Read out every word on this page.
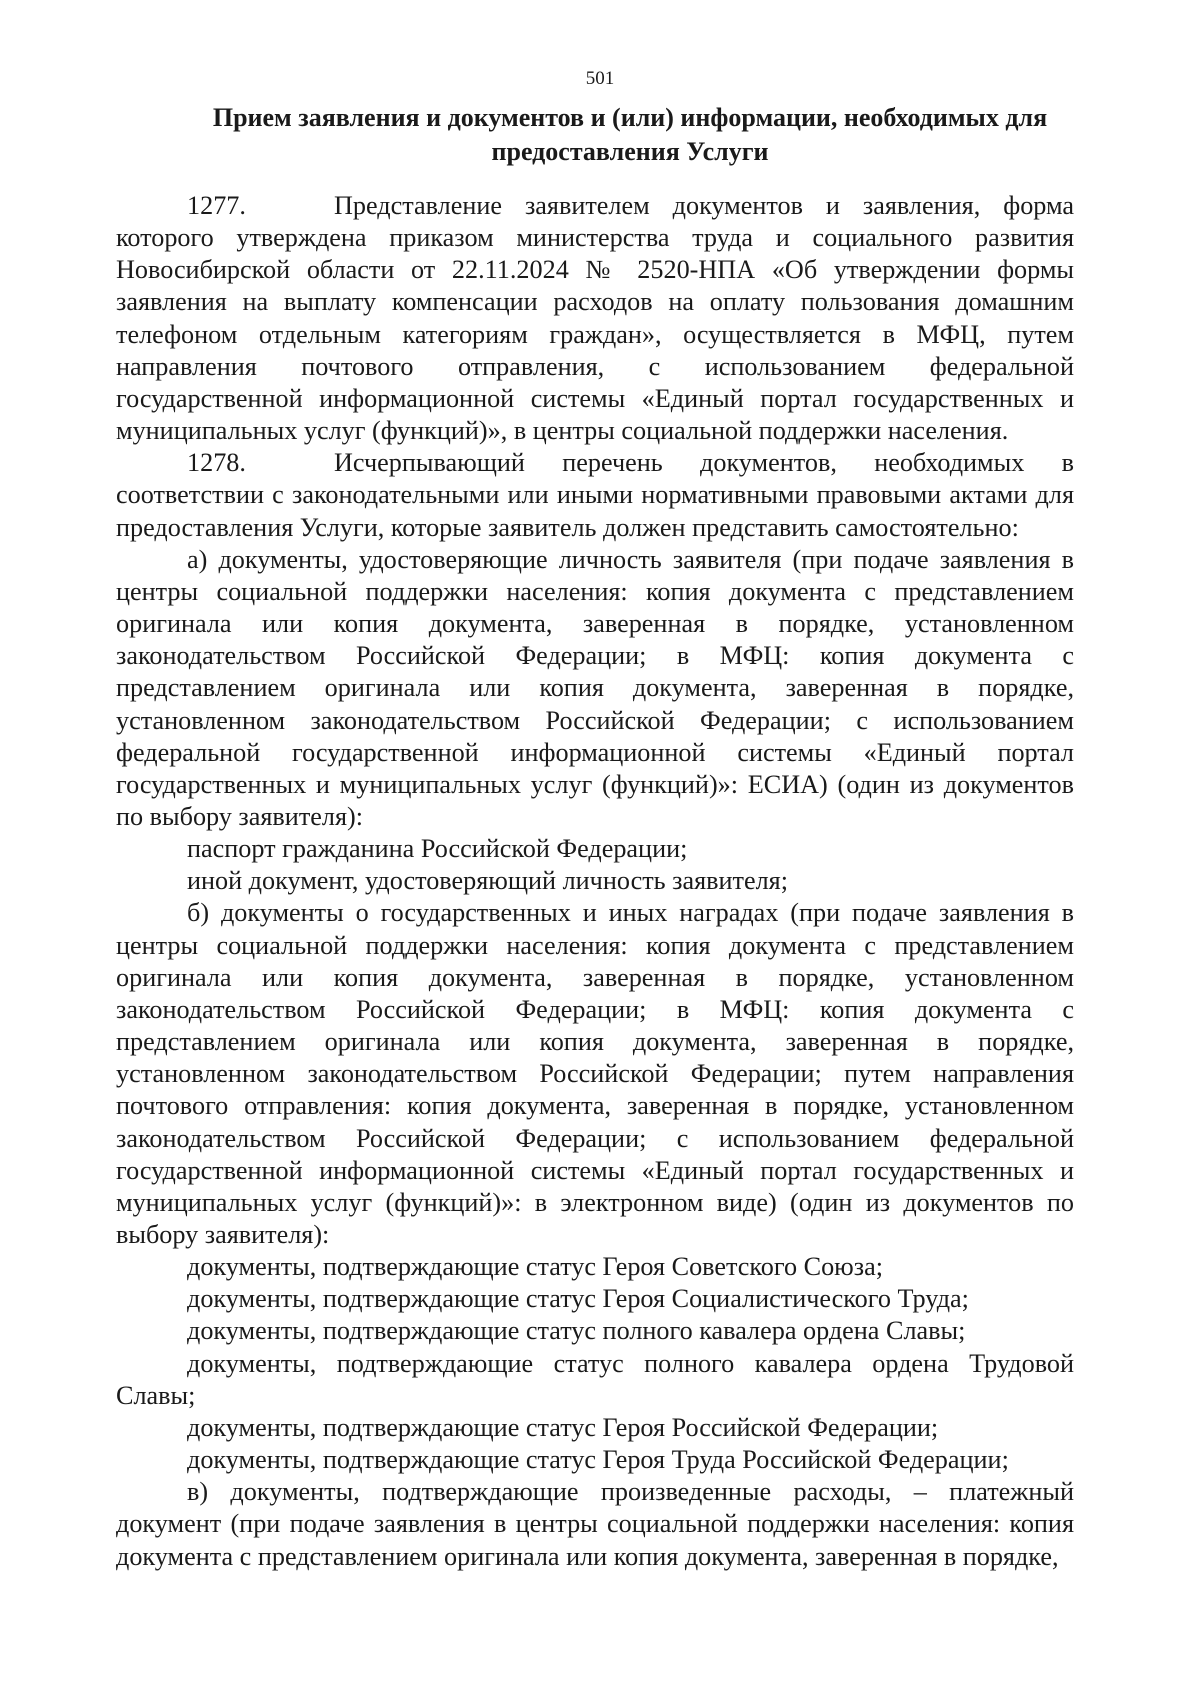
501
Прием заявления и документов и (или) информации, необходимых для предоставления Услуги

1277.	Представление заявителем документов и заявления, форма которого утверждена приказом министерства труда и социального развития Новосибирской области от 22.11.2024 № 2520-НПА «Об утверждении формы заявления на выплату компенсации расходов на оплату пользования домашним телефоном отдельным категориям граждан», осуществляется в МФЦ, путем направления почтового отправления, с использованием федеральной государственной информационной системы «Единый портал государственных и муниципальных услуг (функций)», в центры социальной поддержки населения.

1278.	Исчерпывающий перечень документов, необходимых в соответствии с законодательными или иными нормативными правовыми актами для предоставления Услуги, которые заявитель должен представить самостоятельно:

а) документы, удостоверяющие личность заявителя (при подаче заявления в центры социальной поддержки населения: копия документа с представлением оригинала или копия документа, заверенная в порядке, установленном законодательством Российской Федерации; в МФЦ: копия документа с представлением оригинала или копия документа, заверенная в порядке, установленном законодательством Российской Федерации; с использованием федеральной государственной информационной системы «Единый портал государственных и муниципальных услуг (функций)»: ЕСИА) (один из документов по выбору заявителя):

паспорт гражданина Российской Федерации;

иной документ, удостоверяющий личность заявителя;

б) документы о государственных и иных наградах (при подаче заявления в центры социальной поддержки населения: копия документа с представлением оригинала или копия документа, заверенная в порядке, установленном законодательством Российской Федерации; в МФЦ: копия документа с представлением оригинала или копия документа, заверенная в порядке, установленном законодательством Российской Федерации; путем направления почтового отправления: копия документа, заверенная в порядке, установленном законодательством Российской Федерации; с использованием федеральной государственной информационной системы «Единый портал государственных и муниципальных услуг (функций)»: в электронном виде) (один из документов по выбору заявителя):

документы, подтверждающие статус Героя Советского Союза;

документы, подтверждающие статус Героя Социалистического Труда;

документы, подтверждающие статус полного кавалера ордена Славы;

документы, подтверждающие статус полного кавалера ордена Трудовой Славы;

документы, подтверждающие статус Героя Российской Федерации;

документы, подтверждающие статус Героя Труда Российской Федерации;

в) документы, подтверждающие произведенные расходы, – платежный документ (при подаче заявления в центры социальной поддержки населения: копия документа с представлением оригинала или копия документа, заверенная в порядке,
